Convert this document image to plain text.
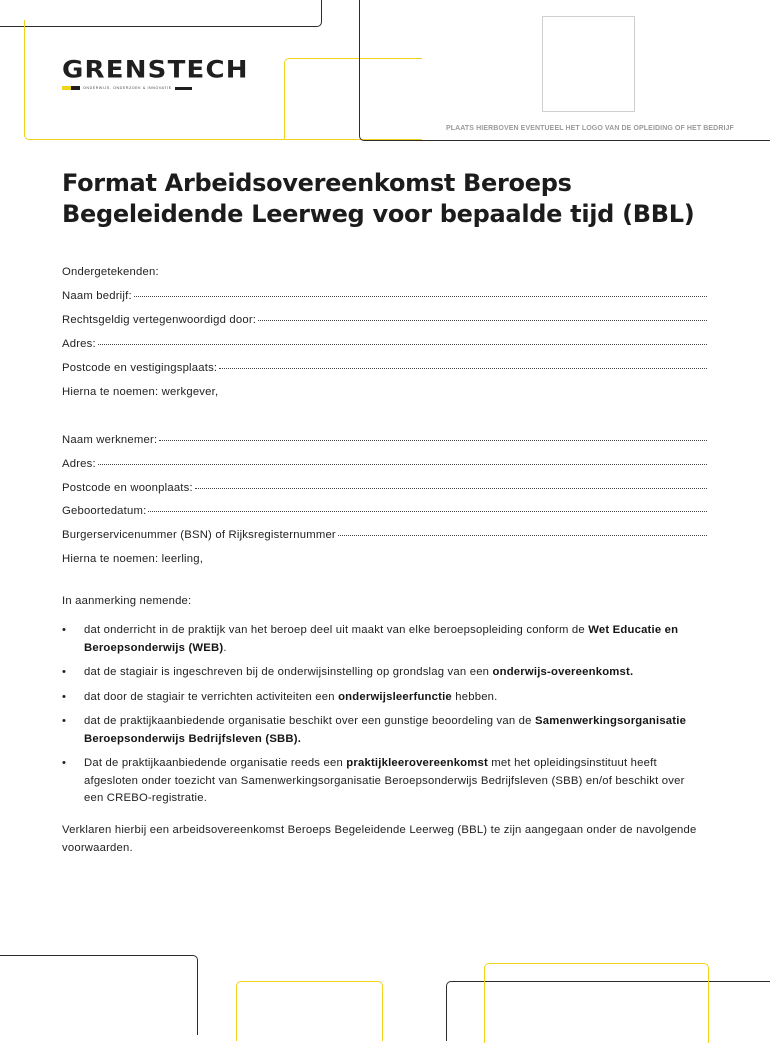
PLAATS HIERBOVEN EVENTUEEL HET LOGO VAN DE OPLEIDING OF HET BEDRIJF
GRENSTECH
ONDERWIJS, ONDERZOEK & INNOVATIE
Format Arbeidsovereenkomst Beroeps Begeleidende Leerweg voor bepaalde tijd (BBL)
Ondergetekenden:
Naam bedrijf:
Rechtsgeldig vertegenwoordigd door:
Adres:
Postcode en vestigingsplaats:
Hierna te noemen: werkgever,
Naam werknemer:
Adres:
Postcode en woonplaats:
Geboortedatum:
Burgerservicenummer (BSN) of Rijksregisternummer
Hierna te noemen: leerling,
In aanmerking nemende:
• dat onderricht in de praktijk van het beroep deel uit maakt van elke beroepsopleiding conform de Wet Educatie en Beroepsonderwijs (WEB).
• dat de stagiair is ingeschreven bij de onderwijsinstelling op grondslag van een onderwijs-overeenkomst.
• dat door de stagiair te verrichten activiteiten een onderwijsleerfunctie hebben.
• dat de praktijkaanbiedende organisatie beschikt over een gunstige beoordeling van de Samenwerkingsorganisatie Beroepsonderwijs Bedrijfsleven (SBB).
• Dat de praktijkaanbiedende organisatie reeds een praktijkleerovereenkomst met het opleidingsinstituut heeft afgesloten onder toezicht van Samenwerkingsorganisatie Beroepsonderwijs Bedrijfsleven (SBB) en/of beschikt over een CREBO-registratie.
Verklaren hierbij een arbeidsovereenkomst Beroeps Begeleidende Leerweg (BBL) te zijn aangegaan onder de navolgende voorwaarden.
